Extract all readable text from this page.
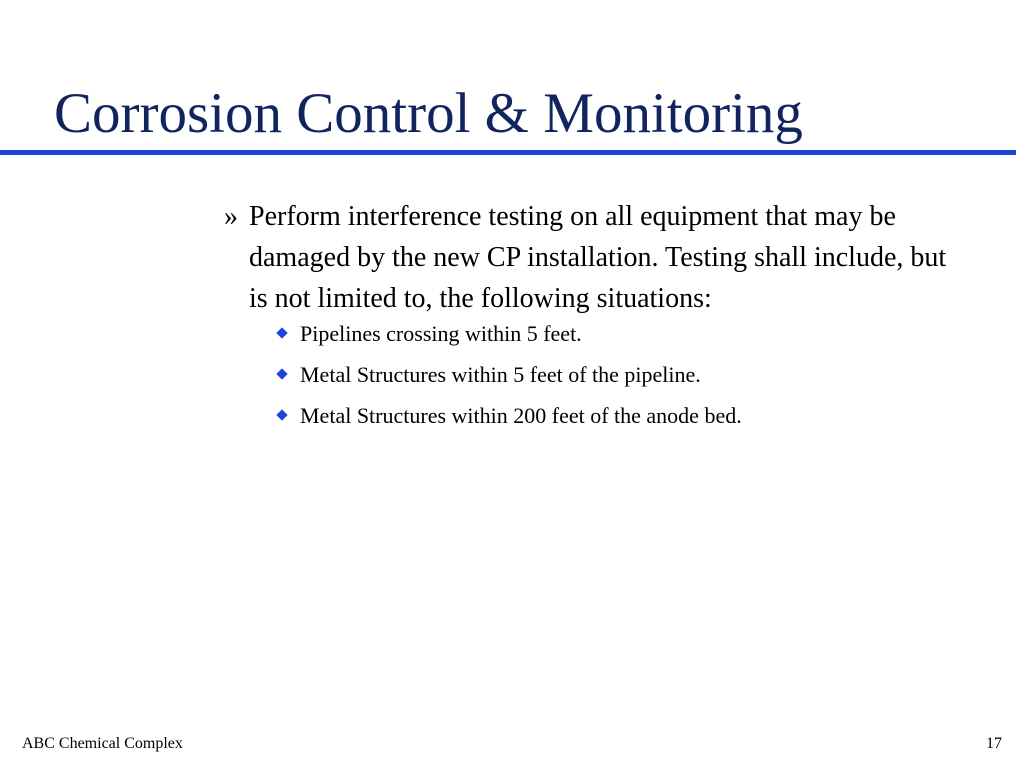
Corrosion Control & Monitoring

» Perform interference testing on all equipment that may be damaged by the new CP installation. Testing shall include, but is not limited to, the following situations:

Pipelines crossing within 5 feet.
Metal Structures within 5 feet of the pipeline.
Metal Structures within 200 feet of the anode bed.
ABC Chemical Complex	17
